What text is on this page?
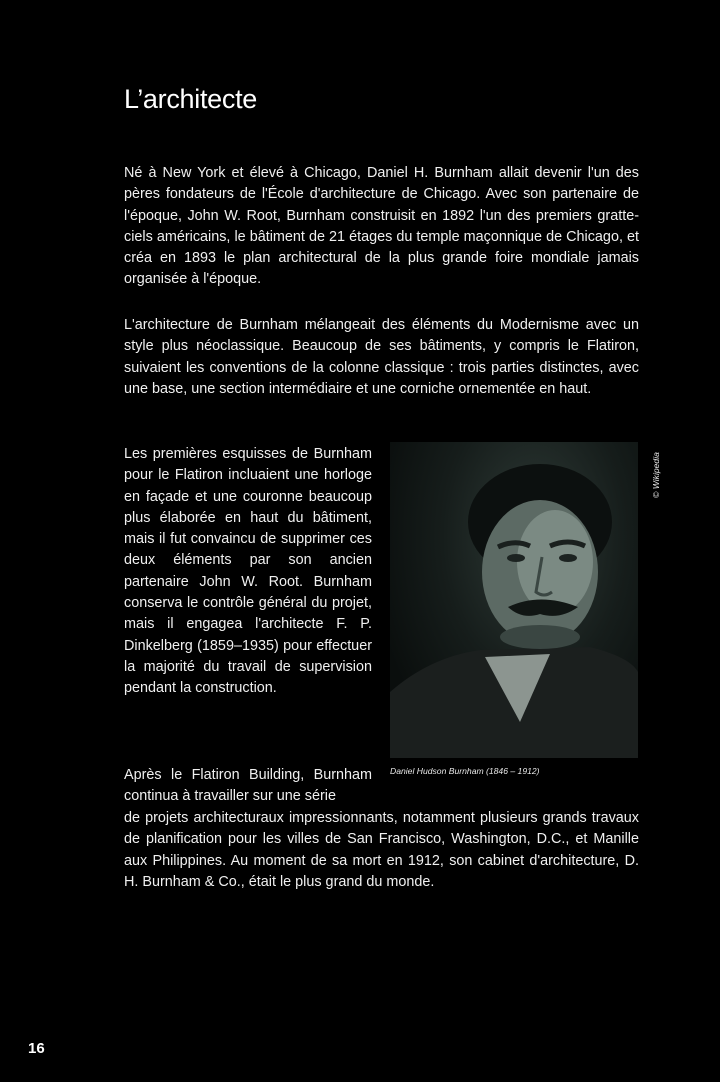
L’architecte

Né à New York et élevé à Chicago, Daniel H. Burnham allait devenir l'un des pères fondateurs de l'École d'architecture de Chicago. Avec son partenaire de l'époque, John W. Root, Burnham construisit en 1892 l'un des premiers gratte-ciels américains, le bâtiment de 21 étages du temple maçonnique de Chicago, et créa en 1893 le plan architectural de la plus grande foire mondiale jamais organisée à l'époque.

L'architecture de Burnham mélangeait des éléments du Modernisme avec un style plus néoclassique. Beaucoup de ses bâtiments, y compris le Flatiron, suivaient les conventions de la colonne classique : trois parties distinctes, avec une base, une section intermédiaire et une corniche ornementée en haut.

Les premières esquisses de Burnham pour le Flatiron incluaient une horloge en façade et une couronne beaucoup plus élaborée en haut du bâtiment, mais il fut convaincu de supprimer ces deux éléments par son ancien partenaire John W. Root. Burnham conserva le contrôle général du projet, mais il engagea l'architecte F. P. Dinkelberg (1859–1935) pour effectuer la majorité du travail de supervision pendant la construction.

Après le Flatiron Building, Burnham continua à travailler sur une série

de projets architecturaux impressionnants, notamment plusieurs grands travaux de planification pour les villes de San Francisco, Washington, D.C., et Manille aux Philippines. Au moment de sa mort en 1912, son cabinet d'architecture, D. H. Burnham & Co., était le plus grand du monde.

Daniel Hudson Burnham (1846 – 1912)
© Wikipedia
16
